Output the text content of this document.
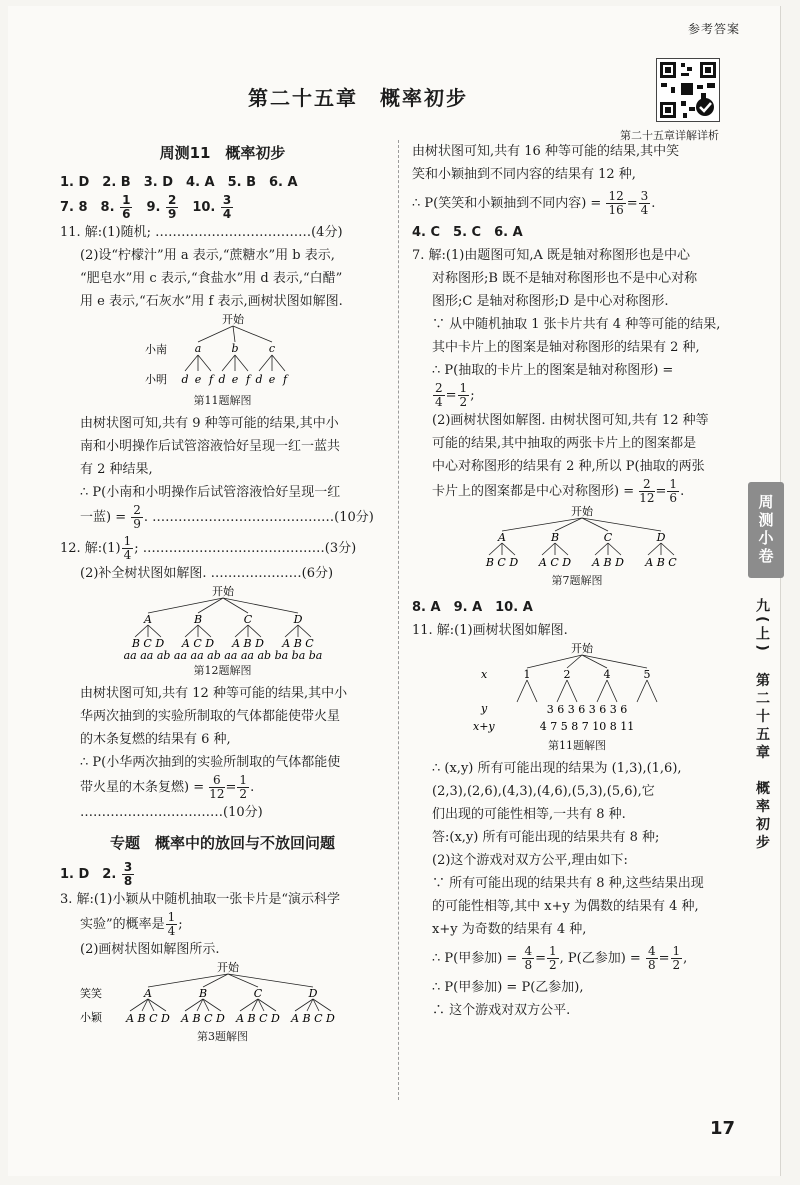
参考答案
第二十五章　概率初步
第二十五章详解详析
周测11　概率初步

1. D　2. B　3. D　4. A　5. B　6. A

7. 8　8. $\frac{1}{6}$ 　9. $\frac{2}{9}$ 　10. $\frac{3}{4}$

11. 解:(1)随机; ………………………………(4分)

(2)设“柠檬汁”用 a 表示,“蔗糖水”用 b 表示,

“肥皂水”用 c 表示,“食盐水”用 d 表示,“白醋”

用 e 表示,“石灰水”用 f 表示,画树状图如解图.

开始
小南
小明
a	b	c
d e f d e f d e f
第11题解图

由树状图可知,共有 9 种等可能的结果,其中小

南和小明操作后试管溶液恰好呈现一红一蓝共

有 2 种结果,

∴ P(小南和小明操作后试管溶液恰好呈现一红

一蓝) = $\frac{2}{9}$ . ……………………………………(10分)

12. 解:(1) $\frac{1}{4}$ ; ……………………………………(3分)

(2)补全树状图如解图. …………………(6分)

开始
A	B	C	D
B C D A C D A B D A B C
aa aa ab aa aa ab aa aa ab ba ba ba
第12题解图

由树状图可知,共有 12 种等可能的结果,其中小

华两次抽到的实验所制取的气体都能使带火星

的木条复燃的结果有 6 种,

∴ P(小华两次抽到的实验所制取的气体都能使

带火星的木条复燃) = $\frac{6}{12} = \frac{1}{2}$ . ……………………………(10分)

专题　概率中的放回与不放回问题

1. D　2. $\frac{3}{8}$

3. 解:(1)小颖从中随机抽取一张卡片是“演示科学

实验”的概率是 $\frac{1}{4}$ ;

(2)画树状图如解图所示.

开始
笑笑
小颖
A	B	C	D
A B C D A B C D A B C D A B C D
第3题解图

由树状图可知,共有 16 种等可能的结果,其中笑

笑和小颖抽到不同内容的结果有 12 种,

∴ P(笑笑和小颖抽到不同内容) = $\frac{12}{16} = \frac{3}{4}$ .

4. C　5. C　6. A

7. 解:(1)由题图可知,A 既是轴对称图形也是中心

对称图形;B 既不是轴对称图形也不是中心对称

图形;C 是轴对称图形;D 是中心对称图形.

∵ 从中随机抽取 1 张卡片共有 4 种等可能的结果,

其中卡片上的图案是轴对称图形的结果有 2 种,

∴ P(抽取的卡片上的图案是轴对称图形) =

$\frac{2}{4} = \frac{1}{2}$ ;

(2)画树状图如解图. 由树状图可知,共有 12 种等

可能的结果,其中抽取的两张卡片上的图案都是

中心对称图形的结果有 2 种,所以 P(抽取的两张

卡片上的图案都是中心对称图形) = $\frac{2}{12} = \frac{1}{6}$ .

开始
A	B	C	D
B C D A C D A B D A B C
第7题解图

8. A　9. A　10. A

11. 解:(1)画树状图如解图.

开始
x
y
x+y
1	2	4	5
3 6 3 6 3 6 3 6
4 7 5 8 7 10 8 11
第11题解图

∴ (x,y) 所有可能出现的结果为 (1,3),(1,6),

(2,3),(2,6),(4,3),(4,6),(5,3),(5,6),它

们出现的可能性相等,一共有 8 种.

答:(x,y) 所有可能出现的结果共有 8 种;

(2)这个游戏对双方公平,理由如下:

∵ 所有可能出现的结果共有 8 种,这些结果出现

的可能性相等,其中 x+y 为偶数的结果有 4 种,

x+y 为奇数的结果有 4 种,

∴ P(甲参加) = $\frac{4}{8} = \frac{1}{2}$ , P(乙参加) = $\frac{4}{8} = \frac{1}{2}$ ,

∴ P(甲参加) = P(乙参加),

∴ 这个游戏对双方公平.

周测小卷
九(上)　第二十五章　概率初步
17
